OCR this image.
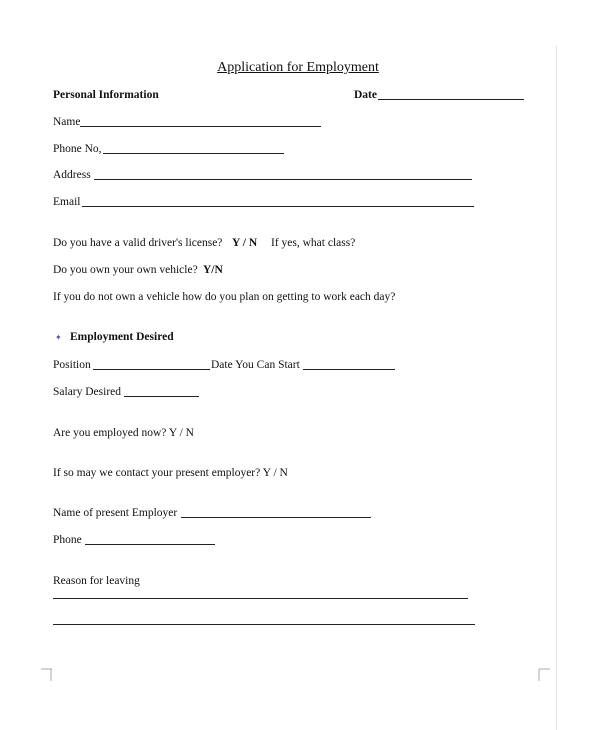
Application for Employment
Personal Information	Date
Name
Phone No,
Address
Email
Do you have a valid driver's license? Y / N If yes, what class?
Do you own your own vehicle? Y/N
If you do not own a vehicle how do you plan on getting to work each day?
✦ Employment Desired
Position	Date You Can Start
Salary Desired
Are you employed now? Y / N
If so may we contact your present employer? Y / N
Name of present Employer
Phone
Reason for leaving
